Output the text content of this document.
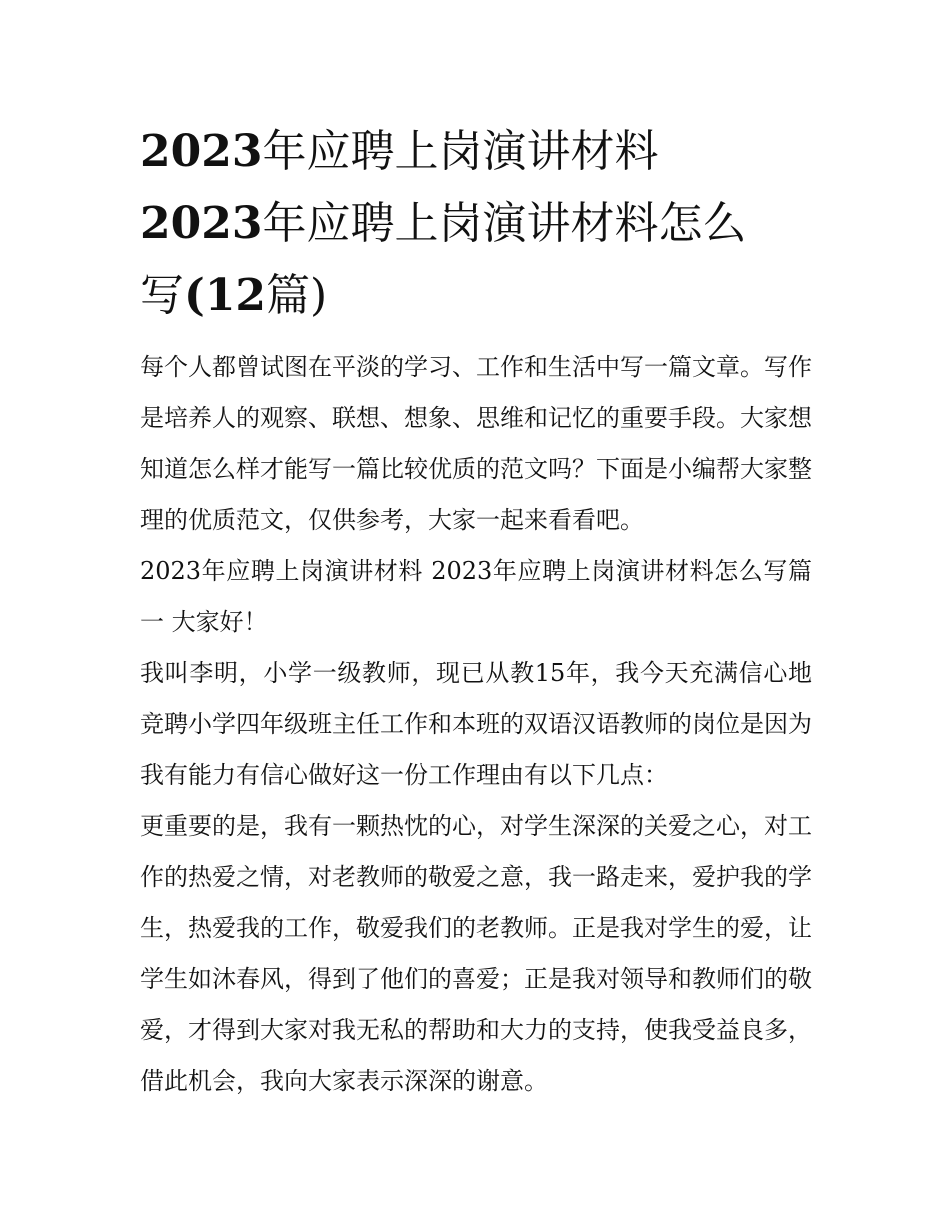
2023年应聘上岗演讲材料
2023年应聘上岗演讲材料怎么
写(12篇)

每个人都曾试图在平淡的学习、工作和生活中写一篇文章。写作是培养人的观察、联想、想象、思维和记忆的重要手段。大家想知道怎么样才能写一篇比较优质的范文吗？下面是小编帮大家整理的优质范文，仅供参考，大家一起来看看吧。

2023年应聘上岗演讲材料 2023年应聘上岗演讲材料怎么写篇一 大家好！

我叫李明，小学一级教师，现已从教15年，我今天充满信心地竞聘小学四年级班主任工作和本班的双语汉语教师的岗位是因为我有能力有信心做好这一份工作理由有以下几点：

更重要的是，我有一颗热忱的心，对学生深深的关爱之心，对工作的热爱之情，对老教师的敬爱之意，我一路走来，爱护我的学生，热爱我的工作，敬爱我们的老教师。正是我对学生的爱，让学生如沐春风，得到了他们的喜爱；正是我对领导和教师们的敬爱，才得到大家对我无私的帮助和大力的支持，使我受益良多，借此机会，我向大家表示深深的谢意。
